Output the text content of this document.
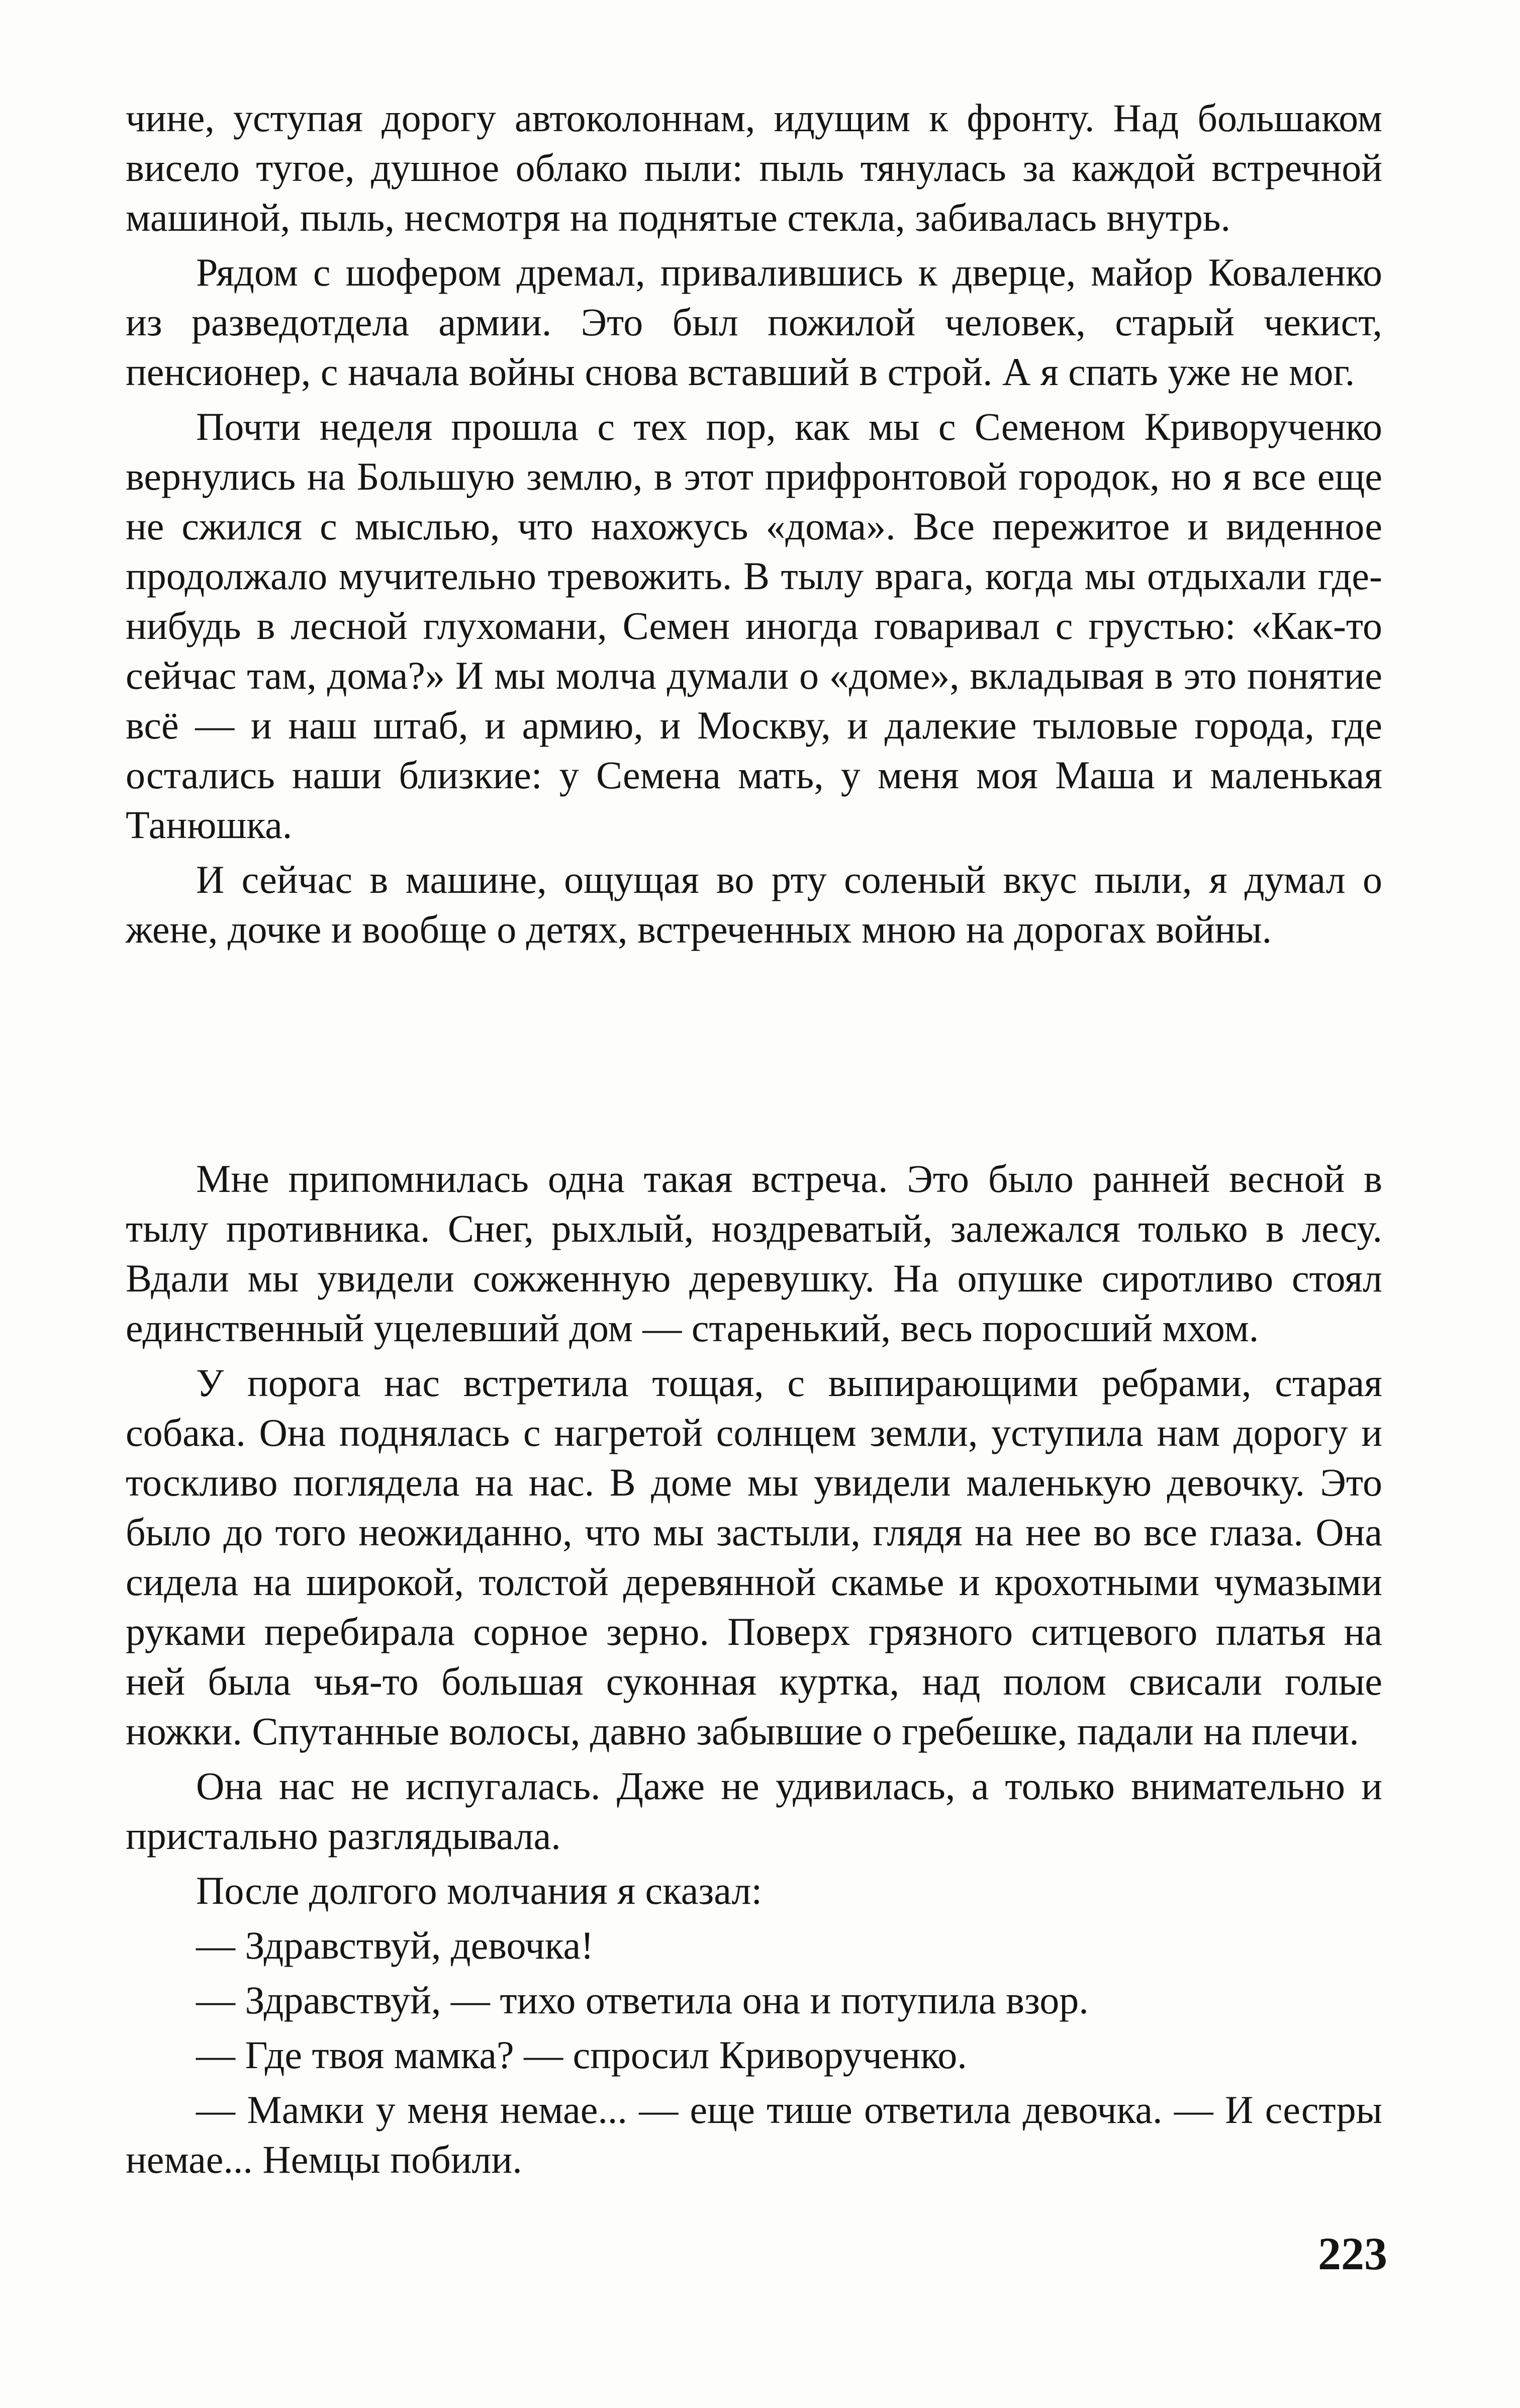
чине, уступая дорогу автоколоннам, идущим к фронту. Над большаком висело тугое, душное облако пыли: пыль тянулась за каждой встречной машиной, пыль, несмотря на поднятые стекла, забивалась внутрь.

Рядом с шофером дремал, привалившись к дверце, майор Коваленко из разведотдела армии. Это был пожилой человек, старый чекист, пенсионер, с начала войны снова вставший в строй. А я спать уже не мог.

Почти неделя прошла с тех пор, как мы с Семеном Криворученко вернулись на Большую землю, в этот прифронтовой городок, но я все еще не сжился с мыслью, что нахожусь «дома». Все пережитое и виденное продолжало мучительно тревожить. В тылу врага, когда мы отдыхали где-нибудь в лесной глухомани, Семен иногда говаривал с грустью: «Как-то сейчас там, дома?» И мы молча думали о «доме», вкладывая в это понятие всё — и наш штаб, и армию, и Москву, и далекие тыловые города, где остались наши близкие: у Семена мать, у меня моя Маша и маленькая Танюшка.

И сейчас в машине, ощущая во рту соленый вкус пыли, я думал о жене, дочке и вообще о детях, встреченных мною на дорогах войны.

Мне припомнилась одна такая встреча. Это было ранней весной в тылу противника. Снег, рыхлый, ноздреватый, залежался только в лесу. Вдали мы увидели сожженную деревушку. На опушке сиротливо стоял единственный уцелевший дом — старенький, весь поросший мхом.

У порога нас встретила тощая, с выпирающими ребрами, старая собака. Она поднялась с нагретой солнцем земли, уступила нам дорогу и тоскливо поглядела на нас. В доме мы увидели маленькую девочку. Это было до того неожиданно, что мы застыли, глядя на нее во все глаза. Она сидела на широкой, толстой деревянной скамье и крохотными чумазыми руками перебирала сорное зерно. Поверх грязного ситцевого платья на ней была чья-то большая суконная куртка, над полом свисали голые ножки. Спутанные волосы, давно забывшие о гребешке, падали на плечи.

Она нас не испугалась. Даже не удивилась, а только внимательно и пристально разглядывала.

После долгого молчания я сказал:

— Здравствуй, девочка!

— Здравствуй, — тихо ответила она и потупила взор.

— Где твоя мамка? — спросил Криворученко.

— Мамки у меня немае... — еще тише ответила девочка. — И сестры немае... Немцы побили.

223
